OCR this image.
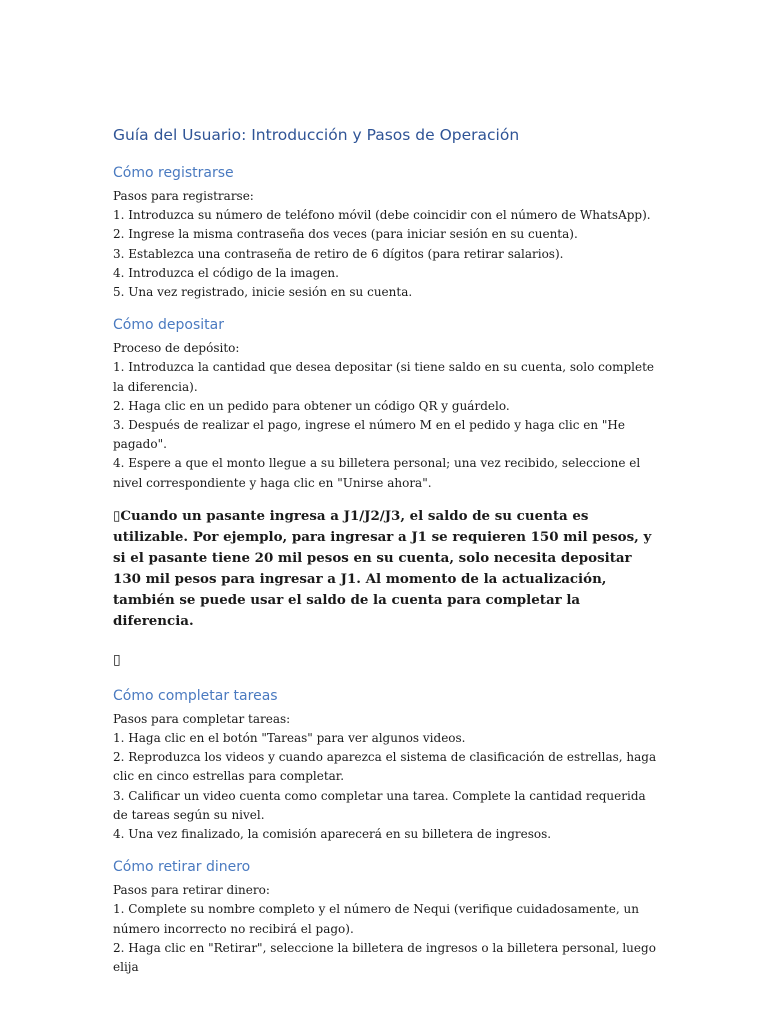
Guía del Usuario: Introducción y Pasos de Operación
Cómo registrarse

Pasos para registrarse:

1. Introduzca su número de teléfono móvil (debe coincidir con el número de WhatsApp).

2. Ingrese la misma contraseña dos veces (para iniciar sesión en su cuenta).

3. Establezca una contraseña de retiro de 6 dígitos (para retirar salarios).

4. Introduzca el código de la imagen.

5. Una vez registrado, inicie sesión en su cuenta.

Cómo depositar

Proceso de depósito:

1. Introduzca la cantidad que desea depositar (si tiene saldo en su cuenta, solo complete la diferencia).

2. Haga clic en un pedido para obtener un código QR y guárdelo.

3. Después de realizar el pago, ingrese el número M en el pedido y haga clic en "He pagado".

4. Espere a que el monto llegue a su billetera personal; una vez recibido, seleccione el nivel correspondiente y haga clic en "Unirse ahora".

▯Cuando un pasante ingresa a J1/J2/J3, el saldo de su cuenta es utilizable. Por ejemplo, para ingresar a J1 se requieren 150 mil pesos, y si el pasante tiene 20 mil pesos en su cuenta, solo necesita depositar 130 mil pesos para ingresar a J1. Al momento de la actualización, también se puede usar el saldo de la cuenta para completar la diferencia.

▯

Cómo completar tareas

Pasos para completar tareas:

1. Haga clic en el botón "Tareas" para ver algunos videos.

2. Reproduzca los videos y cuando aparezca el sistema de clasificación de estrellas, haga clic en cinco estrellas para completar.

3. Calificar un video cuenta como completar una tarea. Complete la cantidad requerida de tareas según su nivel.

4. Una vez finalizado, la comisión aparecerá en su billetera de ingresos.

Cómo retirar dinero

Pasos para retirar dinero:

1. Complete su nombre completo y el número de Nequi (verifique cuidadosamente, un número incorrecto no recibirá el pago).

2. Haga clic en "Retirar", seleccione la billetera de ingresos o la billetera personal, luego elija
